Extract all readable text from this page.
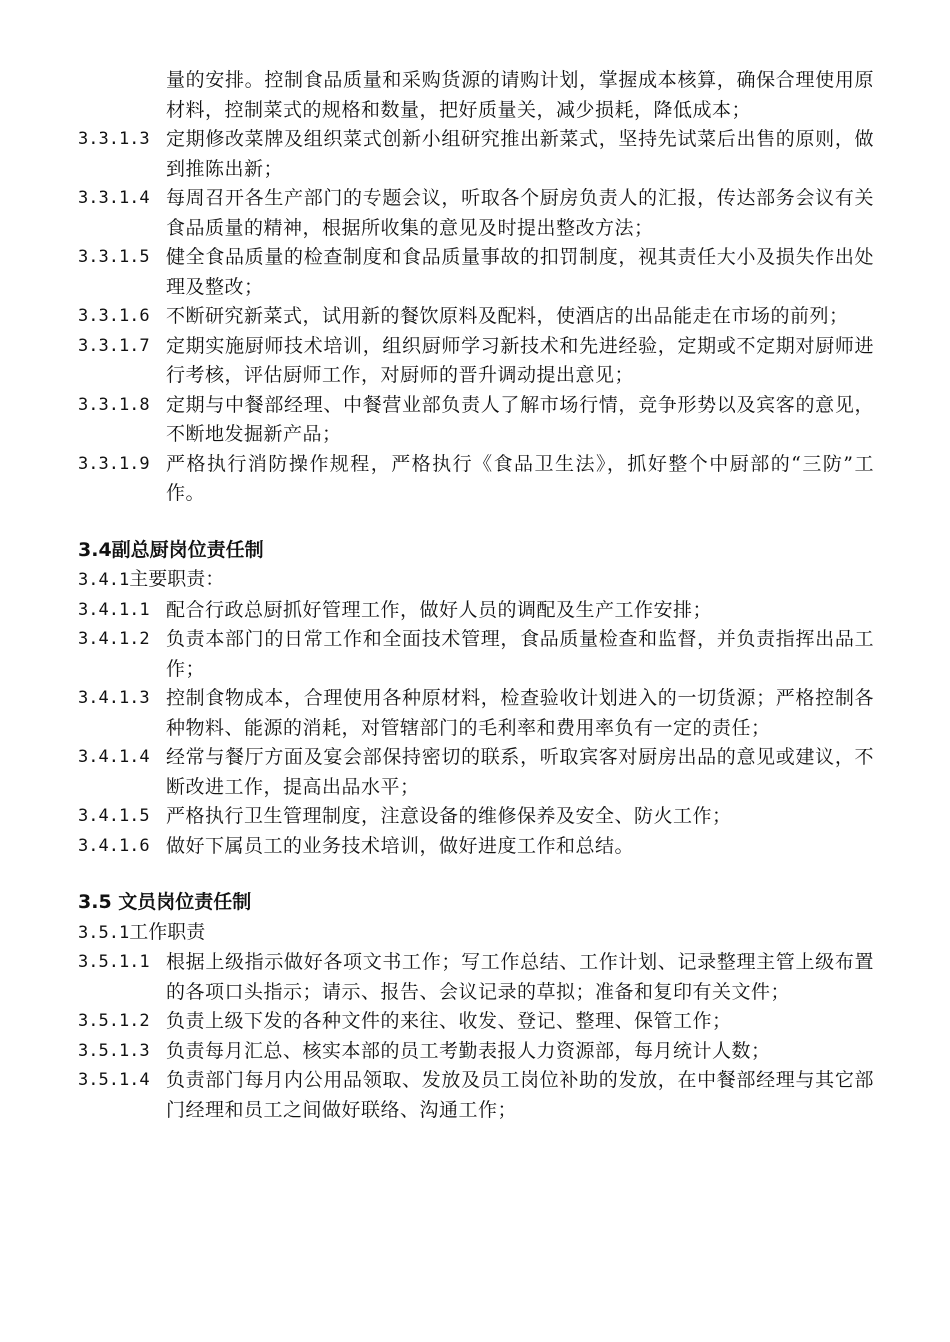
量的安排。控制食品质量和采购货源的请购计划，掌握成本核算，确保合理使用原材料，控制菜式的规格和数量，把好质量关，减少损耗，降低成本；
3.3.1.3 定期修改菜牌及组织菜式创新小组研究推出新菜式，坚持先试菜后出售的原则，做到推陈出新；
3.3.1.4 每周召开各生产部门的专题会议，听取各个厨房负责人的汇报，传达部务会议有关食品质量的精神，根据所收集的意见及时提出整改方法；
3.3.1.5 健全食品质量的检查制度和食品质量事故的扣罚制度，视其责任大小及损失作出处理及整改；
3.3.1.6 不断研究新菜式，试用新的餐饮原料及配料，使酒店的出品能走在市场的前列；
3.3.1.7 定期实施厨师技术培训，组织厨师学习新技术和先进经验，定期或不定期对厨师进行考核，评估厨师工作，对厨师的晋升调动提出意见；
3.3.1.8 定期与中餐部经理、中餐营业部负责人了解市场行情，竞争形势以及宾客的意见，不断地发掘新产品；
3.3.1.9 严格执行消防操作规程，严格执行《食品卫生法》，抓好整个中厨部的“三防”工作。
3.4副总厨岗位责任制
3.4.1主要职责：
3.4.1.1 配合行政总厨抓好管理工作，做好人员的调配及生产工作安排；
3.4.1.2 负责本部门的日常工作和全面技术管理，食品质量检查和监督，并负责指挥出品工作；
3.4.1.3 控制食物成本，合理使用各种原材料，检查验收计划进入的一切货源；严格控制各种物料、能源的消耗，对管辖部门的毛利率和费用率负有一定的责任；
3.4.1.4 经常与餐厅方面及宴会部保持密切的联系，听取宾客对厨房出品的意见或建议，不断改进工作，提高出品水平；
3.4.1.5 严格执行卫生管理制度，注意设备的维修保养及安全、防火工作；
3.4.1.6 做好下属员工的业务技术培训，做好进度工作和总结。
3.5 文员岗位责任制
3.5.1工作职责
3.5.1.1 根据上级指示做好各项文书工作；写工作总结、工作计划、记录整理主管上级布置的各项口头指示；请示、报告、会议记录的草拟；准备和复印有关文件；
3.5.1.2 负责上级下发的各种文件的来往、收发、登记、整理、保管工作；
3.5.1.3 负责每月汇总、核实本部的员工考勤表报人力资源部，每月统计人数；
3.5.1.4 负责部门每月内公用品领取、发放及员工岗位补助的发放，在中餐部经理与其它部门经理和员工之间做好联络、沟通工作；
